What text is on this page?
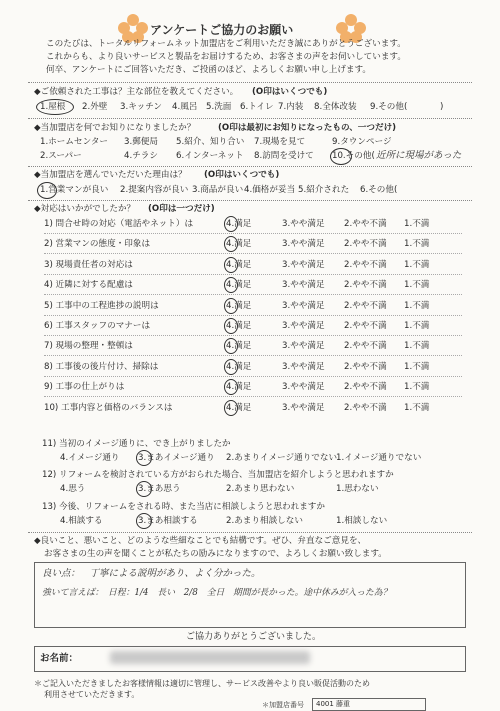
アンケートご協力のお願い
このたびは、トータルリフォームネット加盟店をご利用いただき誠にありがとうございます。
これからも、より良いサービスと製品をお届けするため、お客さまの声をお伺いしています。
何卒、アンケートにご回答いただき、ご投函のほど、よろしくお願い申し上げます。
◆ご依頼された工事は？主な部位を教えてください。 (O印はいくつでも)
1.屋根 2.外壁 3.キッチン 4.風呂 5.洗面 6.トイレ 7.内装 8.全体改装 9.その他(	)
◆当加盟店を何でお知りになりましたか？	(O印は最初にお知りになったもの、一つだけ)
1.ホームセンター 3.郵便局 5.紹介、知り合い 7.現場を見て	9.タウンページ
2.スーパー	4.チラシ 6.インターネット 8.訪問を受けて 10.その他( 近所に現場があった
◆当加盟店を選んでいただいた理由は？ (O印はいくつでも)
1.営業マンが良い 2.提案内容が良い 3.商品が良い 4.価格が妥当 5.紹介された 6.その他(
◆対応はいかがでしたか？ (O印は一つだけ)
1) 問合せ時の対応（電話やネット）は	4.満足	3.やや満足 2.やや不満 1.不満
2) 営業マンの態度・印象は	4.満足	3.やや満足 2.やや不満 1.不満
3) 現場責任者の対応は	4.満足	3.やや満足 2.やや不満 1.不満
4) 近隣に対する配慮は	4.満足	3.やや満足 2.やや不満 1.不満
5) 工事中の工程進捗の説明は	4.満足	3.やや満足 2.やや不満 1.不満
6) 工事スタッフのマナーは	4.満足	3.やや満足 2.やや不満 1.不満
7) 現場の整理・整頓は	4.満足	3.やや満足 2.やや不満 1.不満
8) 工事後の後片付け、掃除は	4.満足	3.やや満足 2.やや不満 1.不満
9) 工事の仕上がりは	4.満足	3.やや満足 2.やや不満 1.不満
10) 工事内容と価格のバランスは	4.満足	3.やや満足 2.やや不満 1.不満
11) 当初のイメージ通りに、でき上がりましたか
4.イメージ通り 3.まあイメージ通り 2.あまりイメージ通りでない
1.イメージ通りでない
12) リフォームを検討されている方がおられた場合、当加盟店を紹介しようと思われますか
4.思う	3.まあ思う	2.あまり思わない	1.思わない
13) 今後、リフォームをされる時、また当店に相談しようと思われますか
4.相談する	3.まあ相談する	2.あまり相談しない	1.相談しない
◆良いこと、悪いこと、どのような些細なことでも結構です。ぜひ、弁直なご意見を、
お客さまの生の声を聞くことが私たちの励みになりますので、よろしくお願い致します。
良い点：　丁寧による説明があり、よく分かった。
強いて言えば：　日程：1/4　長い　2/8　全日　期間が長かった。途中休みが入った為？
ご協力ありがとうございました。
お名前：
＊ご記入いただきましたお客様情報は適切に管理し、サービス改善やより良い販促活動のため
利用させていただきます。
＊加盟店番号 4001 藤重
